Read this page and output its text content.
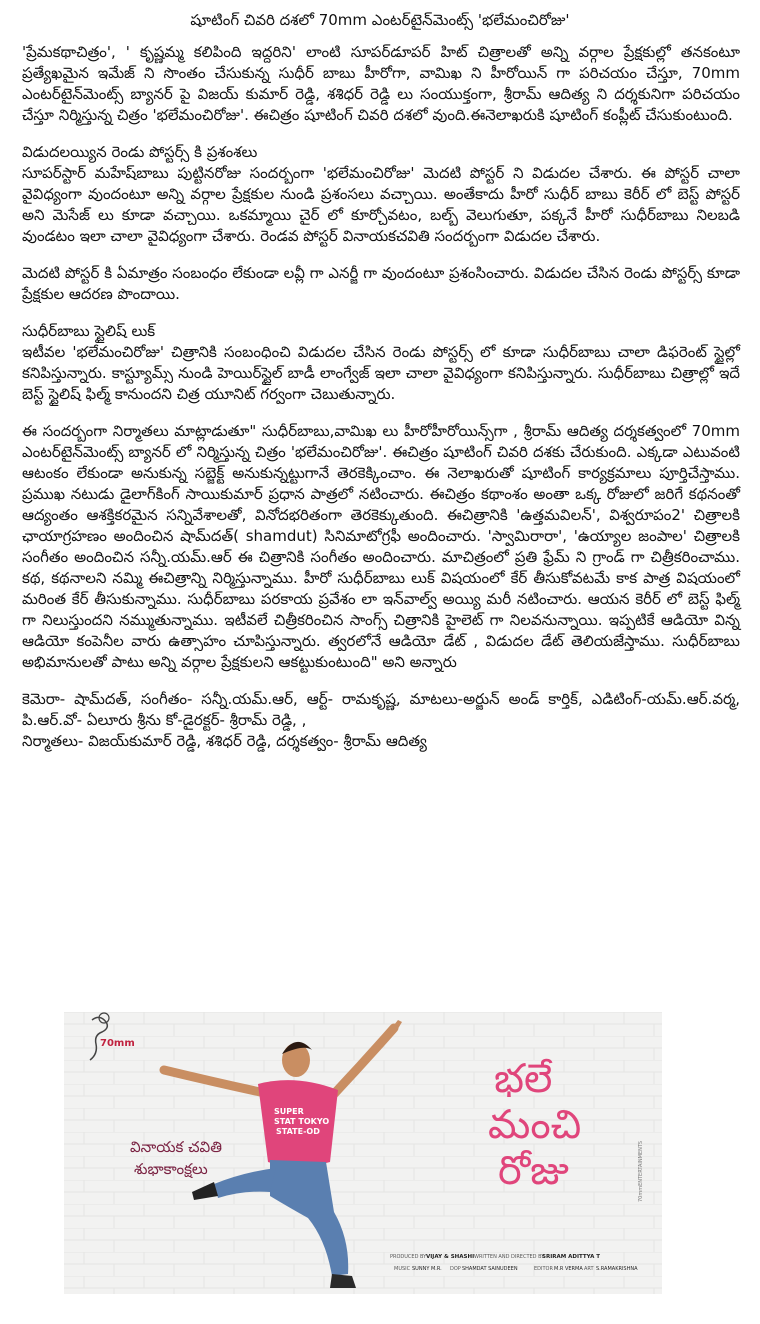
షూటింగ్ చివరి దశలో 70mm ఎంటర్‌టైన్‌మెంట్స్ 'భలేమంచిరోజు'

'ప్రేమకథాచిత్రం', ' కృష్ణమ్మ కలిపింది ఇద్దరిని' లాంటి సూపర్‌డూపర్ హిట్ చిత్రాలతో అన్ని వర్గాల ప్రేక్షకుల్లో తనకంటూ ప్రత్యేఖమైన ఇమేజ్ ని సొంతం చేసుకున్న సుధీర్ బాబు హీరోగా, వామిఖ ని హీరోయిన్ గా పరిచయం చేస్తూ, 70mm ఎంటర్‌టైన్‌మెంట్స్ బ్యానర్ పై విజయ్ కుమార్ రెడ్డి, శశిధర్ రెడ్డి లు సంయుక్తంగా, శ్రీరామ్ ఆదిత్య ని దర్శకునిగా పరిచయం చేస్తూ నిర్మిస్తున్న చిత్రం 'భలేమంచిరోజు'. ఈచిత్రం షూటింగ్ చివరి దశలో వుంది.ఈనెలాఖరుకి షూటింగ్ కంప్లీట్ చేసుకుంటుంది.

విడుదలయ్యిన రెండు పోస్టర్స్ కి ప్రశంశలు
సూపర్‌స్టార్ మహేష్‌బాబు పుట్టినరోజు సందర్బంగా 'భలేమంచిరోజు' మెదటి పోస్టర్ ని విడుదల చేశారు. ఈ పోస్టర్ చాలా వైవిధ్యంగా వుందంటూ అన్ని వర్గాల ప్రేక్షకుల నుండి ప్రశంసలు వచ్చాయి. అంతేకాదు హీరో సుధీర్ బాబు కెరీర్ లో బెస్ట్ పోస్టర్ అని మెసేజ్ లు కూడా వచ్చాయి. ఒకమ్మాయి చైర్ లో కూర్చోవటం, బల్బ్ వెలుగుతూ, పక్కనే హీరో సుధీర్‌బాబు నిలబడి వుండటం ఇలా చాలా వైవిధ్యంగా చేశారు. రెండవ పోస్టర్ వినాయకచవితి సందర్బంగా విడుదల చేశారు.

మెదటి పోస్టర్ కి ఏమాత్రం సంబంధం లేకుండా లవ్లీ గా ఎనర్జీ గా వుందంటూ ప్రశంసించారు. విడుదల చేసిన రెండు పోస్టర్స్ కూడా ప్రేక్షకుల ఆదరణ పొందాయి.

సుధీర్‌బాబు స్టైలిష్ లుక్
ఇటీవల 'భలేమంచిరోజు' చిత్రానికి సంబంధించి విడుదల చేసిన రెండు పోస్టర్స్ లో కూడా సుధీర్‌బాబు చాలా డిఫరెంట్ స్టైల్లో కనిపిస్తున్నారు. కాస్ట్యూమ్స్ నుండి హెయిర్‌స్టైల్ బాడీ లాంగ్వేజ్ ఇలా చాలా వైవిధ్యంగా కనిపిస్తున్నారు. సుధీర్‌బాబు చిత్రాల్లో ఇదే బెస్ట్ స్టైలిష్ ఫిల్మ్ కానుందని చిత్ర యూనిట్ గర్వంగా చెబుతున్నారు.

ఈ సందర్బంగా నిర్మాతలు మాట్లాడుతూ" సుధీర్‌బాబు,వామిఖ లు హీరోహీరోయిన్స్‌గా , శ్రీరామ్ ఆదిత్య దర్శకత్వంలో 70mm ఎంటర్‌టైన్‌మెంట్స్ బ్యానర్ లో నిర్మిస్తున్న చిత్రం 'భలేమంచిరోజు'. ఈచిత్రం షూటింగ్ చివరి దశకు చేరుకుంది. ఎక్కడా ఎటువంటి ఆటంకం లేకుండా అనుకున్న సబ్జెక్ట్ అనుకున్నట్టుగానే తెరకెక్కించాం. ఈ నెలాఖరుతో షూటింగ్ కార్యక్రమాలు పూర్తిచేస్తాము. ప్రముఖ నటుడు డైలాగ్‌కింగ్ సాయికుమార్ ప్రధాన పాత్రలో నటించారు. ఈచిత్రం కథాంశం అంతా ఒక్క రోజులో జరిగే కథనంతో ఆద్యంతం ఆశక్తికరమైన సన్నివేశాలతో, వినోదభరితంగా తెరకెక్కుతుంది. ఈచిత్రానికి 'ఉత్తమవిలన్', విశ్వరూపం2' చిత్రాలకి ఛాయాగ్రహణం అందించిన షామ్‌దత్( shamdut) సినిమాటోగ్రఫీ అందించారు. 'స్వామిరారా', 'ఉయ్యాల జంపాల' చిత్రాలకి సంగీతం అందించిన సన్నీ.యమ్.ఆర్ ఈ చిత్రానికి సంగీతం అందించారు. మాచిత్రంలో ప్రతి ఫ్రేమ్ ని గ్రాండ్ గా చిత్రీకరించాము. కథ, కథనాలని నమ్మి ఈచిత్రాన్ని నిర్మిస్తున్నాము. హీరో సుధీర్‌బాబు లుక్ విషయంలో కేర్ తీసుకోవటమే కాక పాత్ర విషయంలో మరింత కేర్ తీసుకున్నాము. సుధీర్‌బాబు పరకాయ ప్రవేశం లా ఇన్‌వాల్వ్ అయ్యి మరీ నటించారు. ఆయన కెరీర్ లో బెస్ట్ ఫిల్మ్ గా నిలుస్తుందని నమ్ముతున్నాము. ఇటీవలే చిత్రీకరించిన సాంగ్స్ చిత్రానికి హైలెట్ గా నిలవనున్నాయి. ఇప్పటికే ఆడియో విన్న ఆడియో కంపెనీల వారు ఉత్సాహం చూపిస్తున్నారు. త్వరలోనే ఆడియో డేట్ , విడుదల డేట్ తెలియజేస్తాము. సుధీర్‌బాబు అభిమానులతో పాటు అన్ని వర్గాల ప్రేక్షకులని ఆకట్టుకుంటుంది" అని అన్నారు

కెమెరా- షామ్‌దత్, సంగీతం- సన్నీ.యమ్.ఆర్, ఆర్ట్- రామకృష్ణ, మాటలు-అర్జున్ అండ్ కార్తిక్, ఎడిటింగ్-యమ్.ఆర్.వర్మ, పి.ఆర్.వో- ఏలూరు శ్రీను కో-డైరక్టర్- శ్రీరామ్ రెడ్డి, ,

నిర్మాతలు- విజయ్‌కుమార్ రెడ్డి, శశిధర్ రెడ్డి, దర్శకత్వం- శ్రీరామ్ ఆదిత్య

70mm
SUPER
STAT TOKYO
STATE-OD
వినాయక చవితి
శుభాకాంక్షలు
భలే
మంచి
రోజు	70mmENTERTAINMENTS
PRODUCED BY VIJAY & SHASHI WRITTEN AND DIRECTED BY
SRIRAM ADITTYA T
MUSIC SUNNY M.R. DOP SHAMDAT SAINUDEEN	EDITOR M.R VERMA ART S.RAMAKRISHNA
